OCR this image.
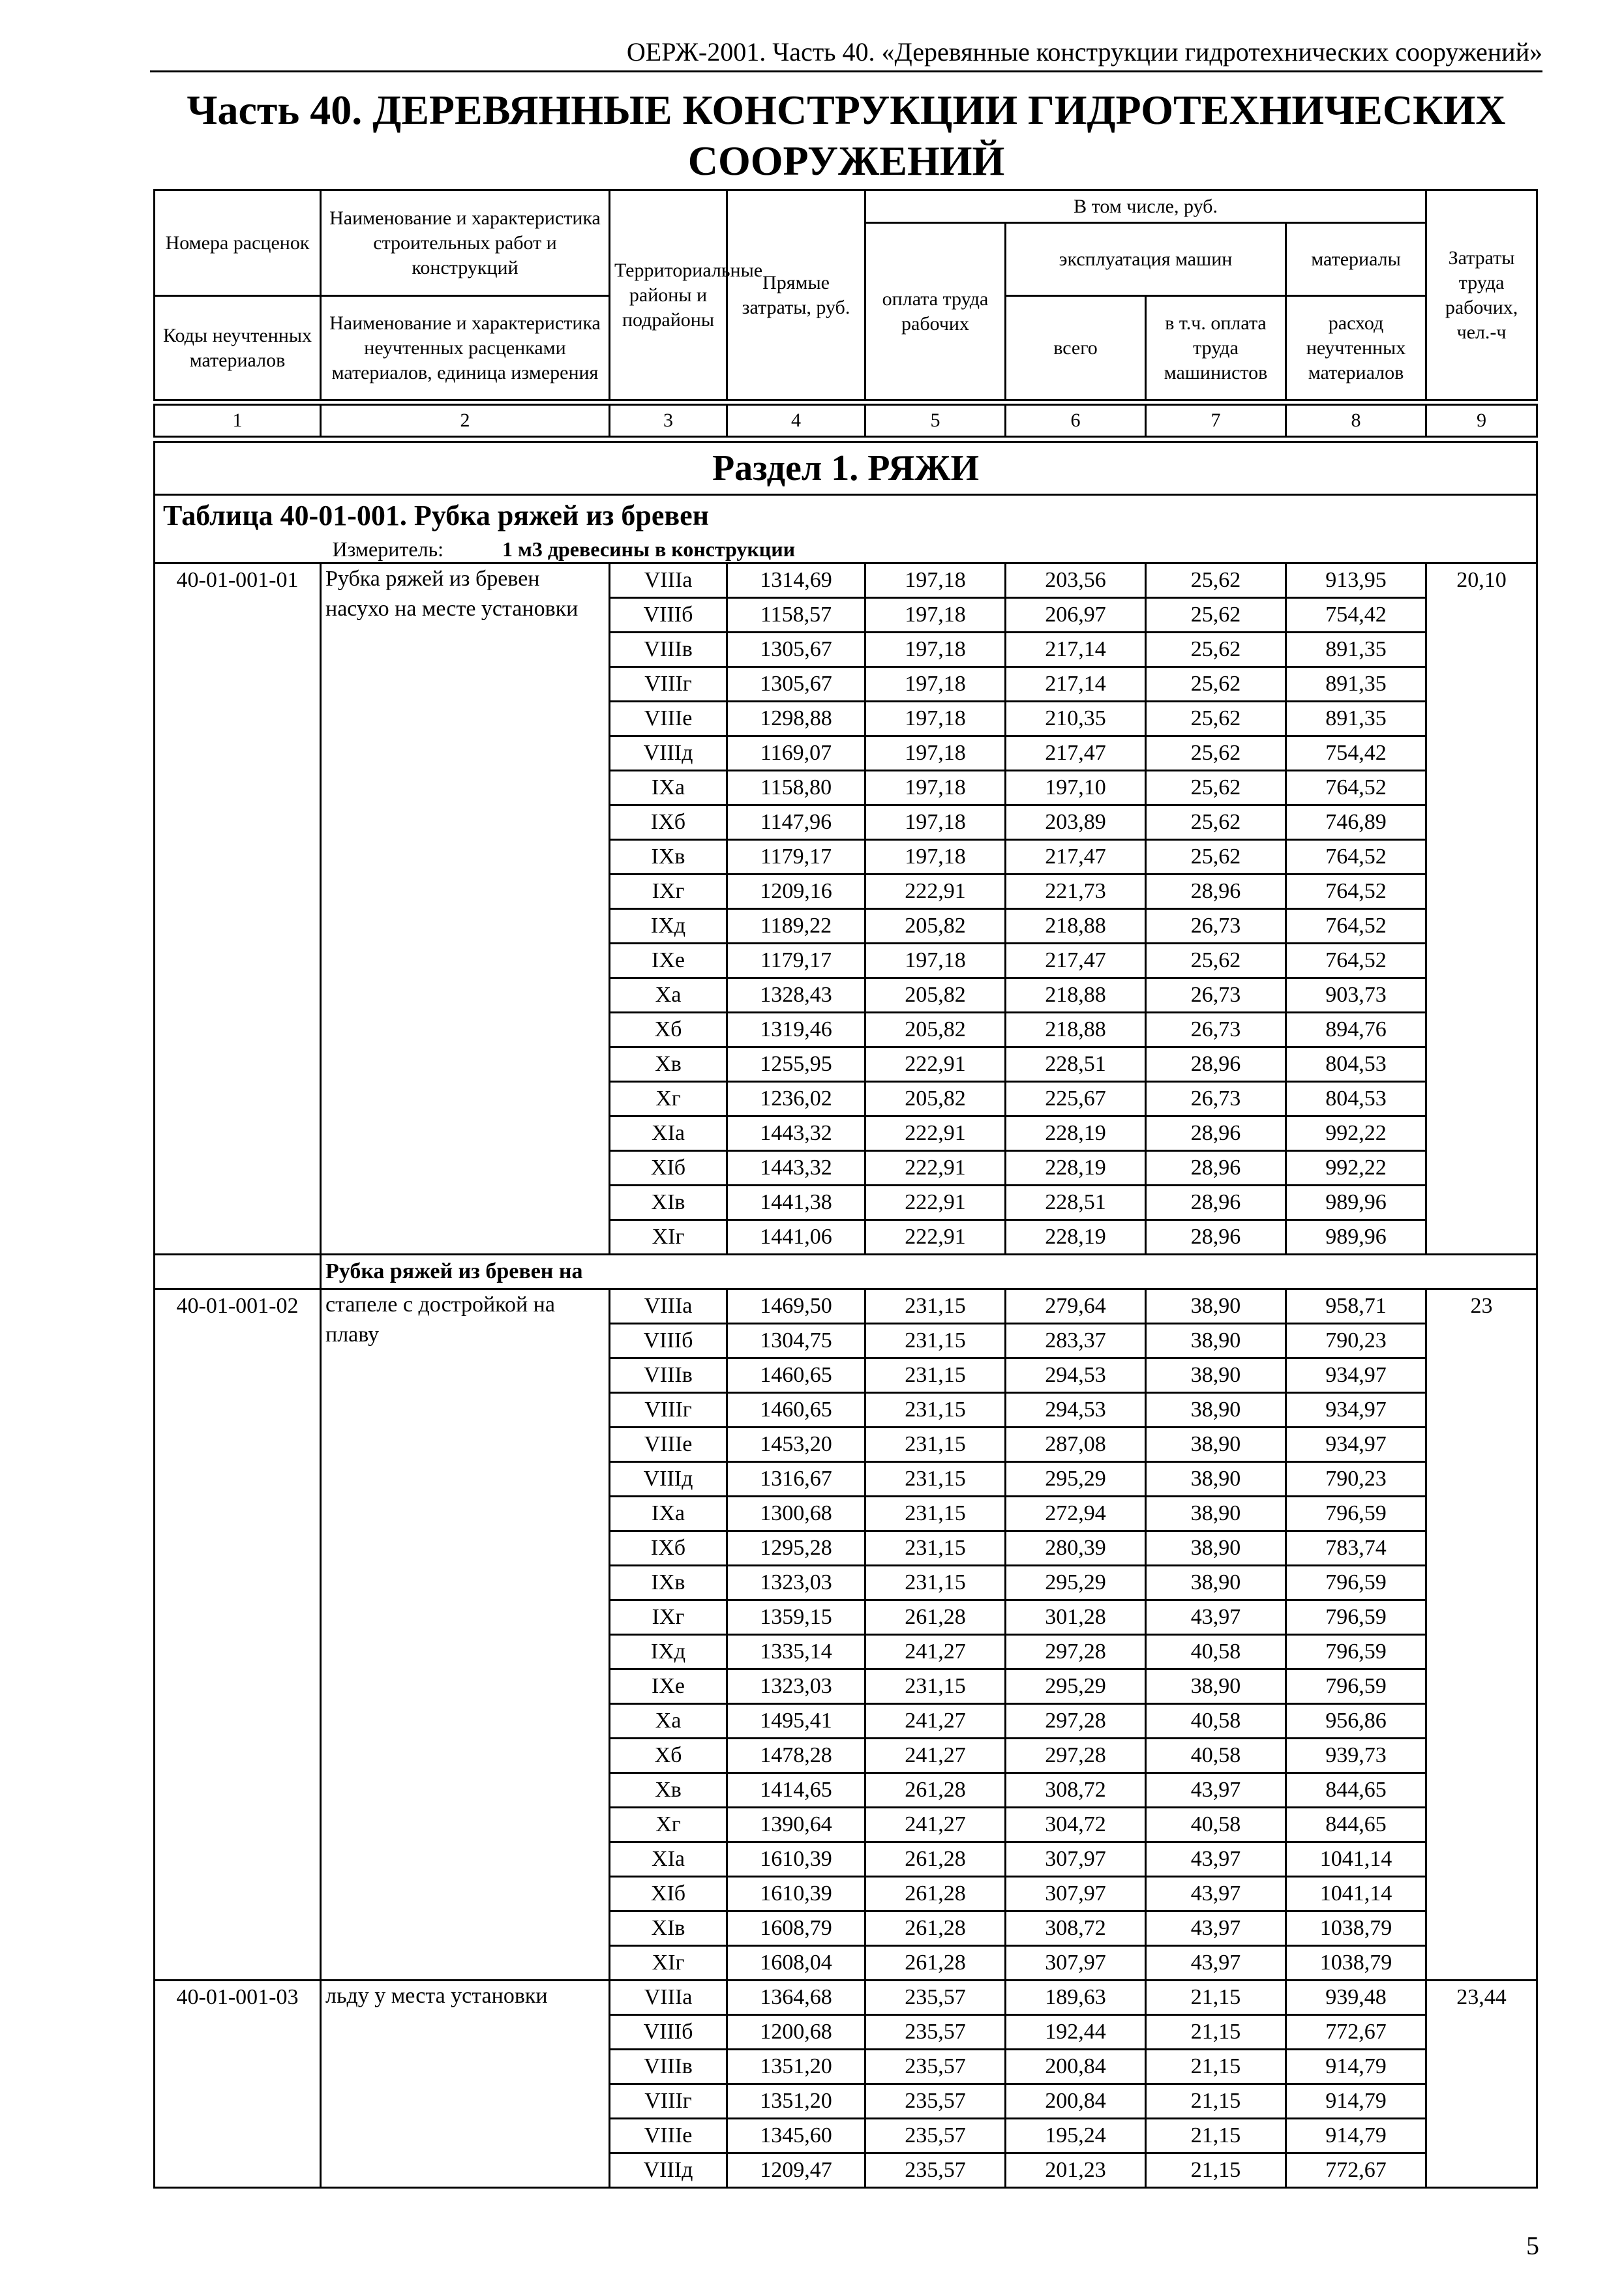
ОЕРЖ-2001. Часть 40. «Деревянные конструкции гидротехнических сооружений»
Часть 40. ДЕРЕВЯННЫЕ КОНСТРУКЦИИ ГИДРОТЕХНИЧЕСКИХ
СООРУЖЕНИЙ
Номера расценок	Наименование и характеристика строительных работ и конструкций	Территориальные районы и подрайоны	Прямые затраты, руб.	В том числе, руб.				Затраты труда рабочих, чел.-ч
				оплата труда рабочих	эксплуатация машин		материалы	
Коды неучтенных материалов	Наименование и характеристика неучтенных расценками материалов, единица измерения				всего	в т.ч. оплата труда машинистов	расход неучтенных материалов	

1	2	3	4	5	6	7	8	9

Раздел 1. РЯЖИ								
Таблица 40-01-001. Рубка ряжей из бревен								
	Измеритель: 1 м3 древесины в конструкции							
40-01-001-01	Рубка ряжей из бревен насухо на месте установки	VIIIа	1314,69	197,18	203,56	25,62	913,95	20,10
		VIIIб	1158,57	197,18	206,97	25,62	754,42	
		VIIIв	1305,67	197,18	217,14	25,62	891,35	
		VIIIг	1305,67	197,18	217,14	25,62	891,35	
		VIIIе	1298,88	197,18	210,35	25,62	891,35	
		VIIIд	1169,07	197,18	217,47	25,62	754,42	
		IXа	1158,80	197,18	197,10	25,62	764,52	
		IXб	1147,96	197,18	203,89	25,62	746,89	
		IXв	1179,17	197,18	217,47	25,62	764,52	
		IXг	1209,16	222,91	221,73	28,96	764,52	
		IXд	1189,22	205,82	218,88	26,73	764,52	
		IXе	1179,17	197,18	217,47	25,62	764,52	
		Xа	1328,43	205,82	218,88	26,73	903,73	
		Xб	1319,46	205,82	218,88	26,73	894,76	
		Xв	1255,95	222,91	228,51	28,96	804,53	
		Xг	1236,02	205,82	225,67	26,73	804,53	
		XIа	1443,32	222,91	228,19	28,96	992,22	
		XIб	1443,32	222,91	228,19	28,96	992,22	
		XIв	1441,38	222,91	228,51	28,96	989,96	
		XIг	1441,06	222,91	228,19	28,96	989,96	
	Рубка ряжей из бревен на							
40-01-001-02	стапеле с достройкой на плаву	VIIIа	1469,50	231,15	279,64	38,90	958,71	23
		VIIIб	1304,75	231,15	283,37	38,90	790,23	
		VIIIв	1460,65	231,15	294,53	38,90	934,97	
		VIIIг	1460,65	231,15	294,53	38,90	934,97	
		VIIIе	1453,20	231,15	287,08	38,90	934,97	
		VIIIд	1316,67	231,15	295,29	38,90	790,23	
		IXа	1300,68	231,15	272,94	38,90	796,59	
		IXб	1295,28	231,15	280,39	38,90	783,74	
		IXв	1323,03	231,15	295,29	38,90	796,59	
		IXг	1359,15	261,28	301,28	43,97	796,59	
		IXд	1335,14	241,27	297,28	40,58	796,59	
		IXе	1323,03	231,15	295,29	38,90	796,59	
		Xа	1495,41	241,27	297,28	40,58	956,86	
		Xб	1478,28	241,27	297,28	40,58	939,73	
		Xв	1414,65	261,28	308,72	43,97	844,65	
		Xг	1390,64	241,27	304,72	40,58	844,65	
		XIа	1610,39	261,28	307,97	43,97	1041,14	
		XIб	1610,39	261,28	307,97	43,97	1041,14	
		XIв	1608,79	261,28	308,72	43,97	1038,79	
		XIг	1608,04	261,28	307,97	43,97	1038,79	
40-01-001-03	льду у места установки	VIIIа	1364,68	235,57	189,63	21,15	939,48	23,44
		VIIIб	1200,68	235,57	192,44	21,15	772,67	
		VIIIв	1351,20	235,57	200,84	21,15	914,79	
		VIIIг	1351,20	235,57	200,84	21,15	914,79	
		VIIIе	1345,60	235,57	195,24	21,15	914,79	
		VIIIд	1209,47	235,57	201,23	21,15	772,67	
5
